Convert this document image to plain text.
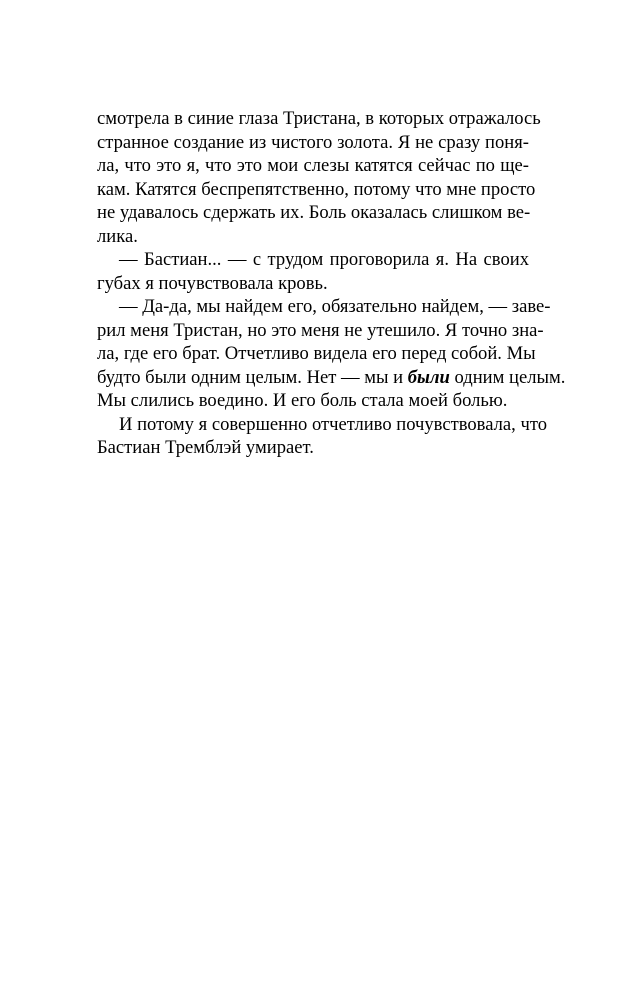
смотрела в синие глаза Тристана, в которых отражалось
странное создание из чистого золота. Я не сразу поня-
ла, что это я, что это мои слезы катятся сейчас по ще-
кам. Катятся беспрепятственно, потому что мне просто
не удавалось сдержать их. Боль оказалась слишком ве-
лика.
— Бастиан... — с трудом проговорила я. На своих
губах я почувствовала кровь.
— Да-да, мы найдем его, обязательно найдем, — заве-
рил меня Тристан, но это меня не утешило. Я точно зна-
ла, где его брат. Отчетливо видела его перед собой. Мы
будто были одним целым. Нет — мы и были одним целым.
Мы слились воедино. И его боль стала моей болью.
И потому я совершенно отчетливо почувствовала, что
Бастиан Тремблэй умирает.
